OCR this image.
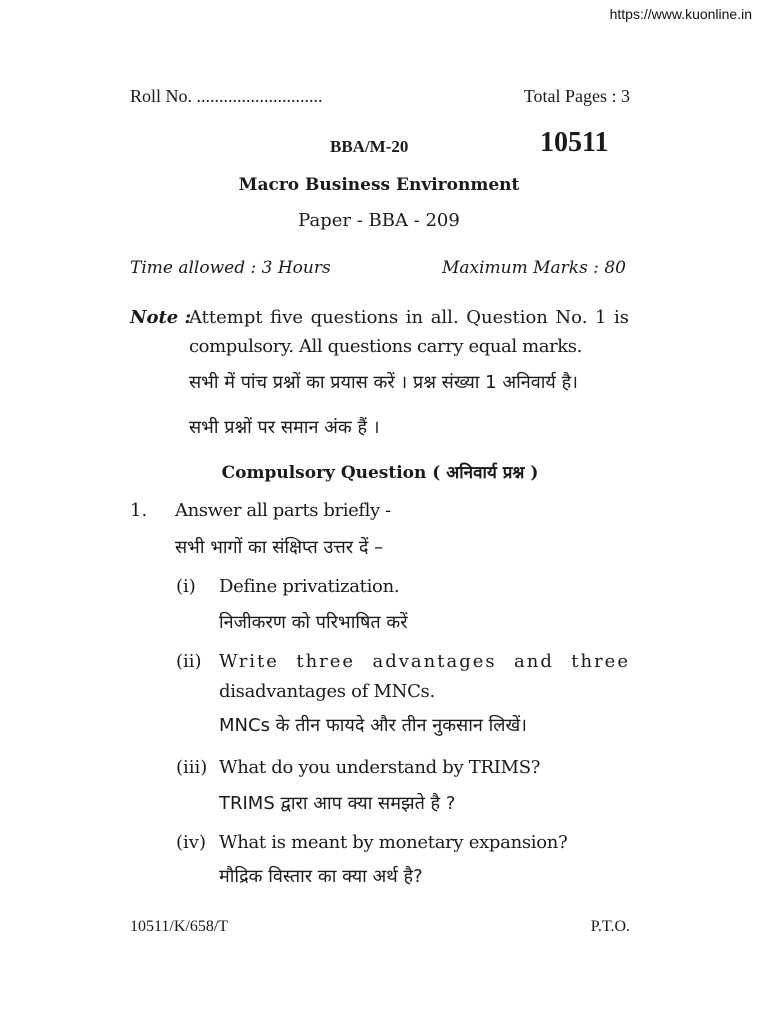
https://www.kuonline.in
Roll No. ............................	Total Pages : 3
BBA/M-20	10511
Macro Business Environment
Paper - BBA - 209
Time allowed : 3 Hours	Maximum Marks : 80
Note :
Attempt five questions in all. Question No. 1 is
compulsory. All questions carry equal marks.
सभी में पांच प्रश्नों का प्रयास करें । प्रश्न संख्या 1 अनिवार्य है।
सभी प्रश्नों पर समान अंक हैं ।
Compulsory Question ( अनिवार्य प्रश्न )
1. Answer all parts briefly -
सभी भागों का संक्षिप्त उत्तर दें –
(i) Define privatization.
निजीकरण को परिभाषित करें
(ii) Write three advantages and three
disadvantages of MNCs.
MNCs के तीन फायदे और तीन नुकसान लिखें।
(iii) What do you understand by TRIMS?
TRIMS द्वारा आप क्या समझते है ?
(iv) What is meant by monetary expansion?
मौद्रिक विस्तार का क्या अर्थ है?
10511/K/658/T	P.T.O.
